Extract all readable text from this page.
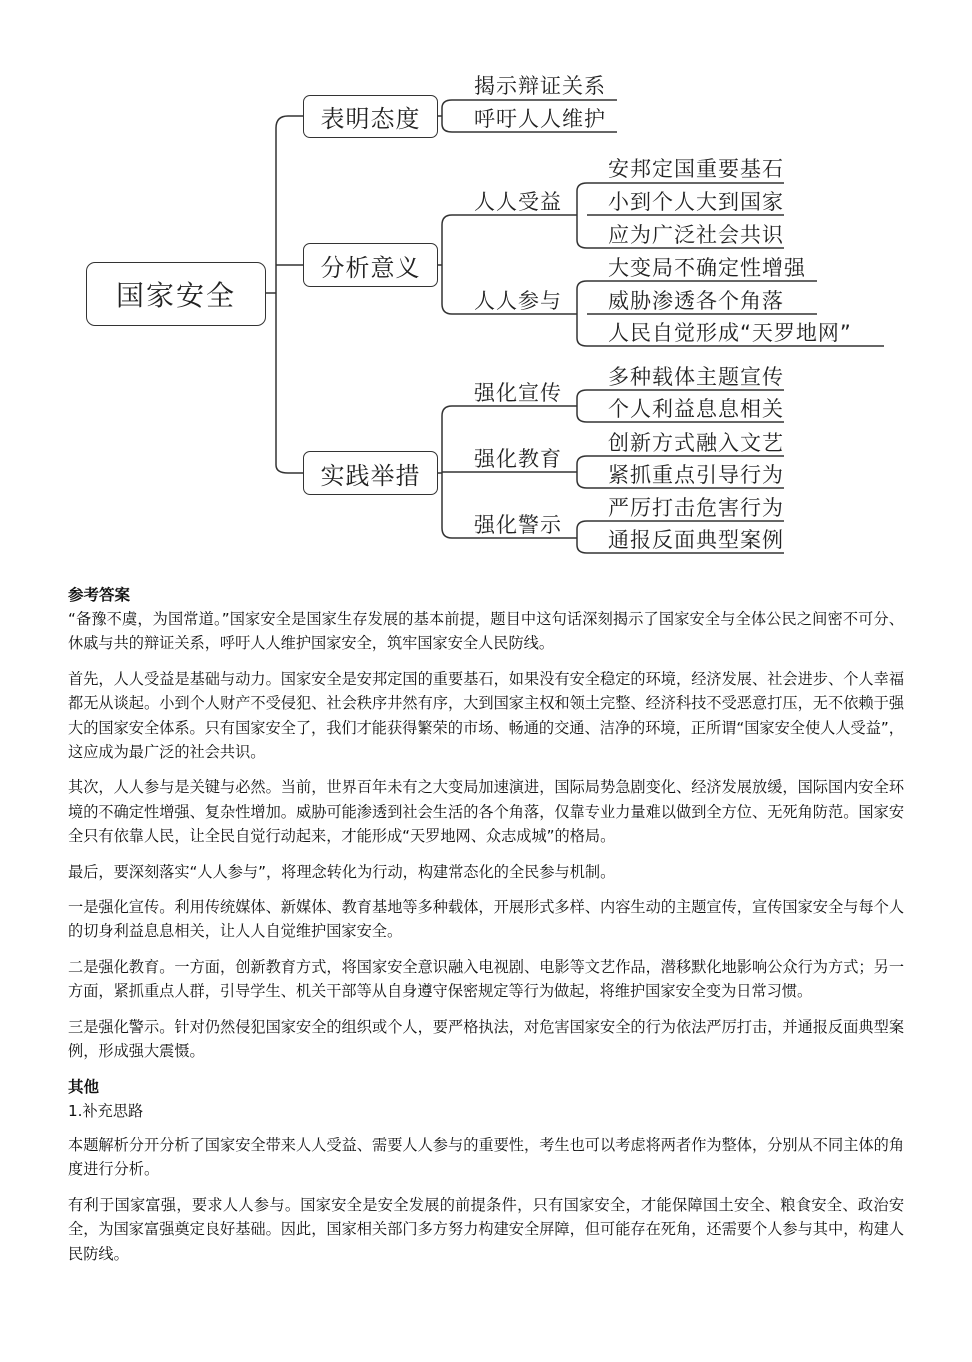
国家安全
表明态度
分析意义
实践举措
揭示辩证关系
呼吁人人维护
人人受益
人人参与
安邦定国重要基石
小到个人大到国家
应为广泛社会共识
大变局不确定性增强
威胁渗透各个角落
人民自觉形成“天罗地网”
强化宣传
强化教育
强化警示
多种载体主题宣传
个人利益息息相关
创新方式融入文艺
紧抓重点引导行为
严厉打击危害行为
通报反面典型案例
参考答案

“备豫不虞，为国常道。”国家安全是国家生存发展的基本前提，题目中这句话深刻揭示了国家安全与全体公民之间密不可分、休戚与共的辩证关系，呼吁人人维护国家安全，筑牢国家安全人民防线。

首先，人人受益是基础与动力。国家安全是安邦定国的重要基石，如果没有安全稳定的环境，经济发展、社会进步、个人幸福都无从谈起。小到个人财产不受侵犯、社会秩序井然有序，大到国家主权和领土完整、经济科技不受恶意打压，无不依赖于强大的国家安全体系。只有国家安全了，我们才能获得繁荣的市场、畅通的交通、洁净的环境，正所谓“国家安全使人人受益”，这应成为最广泛的社会共识。

其次，人人参与是关键与必然。当前，世界百年未有之大变局加速演进，国际局势急剧变化、经济发展放缓，国际国内安全环境的不确定性增强、复杂性增加。威胁可能渗透到社会生活的各个角落，仅靠专业力量难以做到全方位、无死角防范。国家安全只有依靠人民，让全民自觉行动起来，才能形成“天罗地网、众志成城”的格局。

最后，要深刻落实“人人参与”，将理念转化为行动，构建常态化的全民参与机制。

一是强化宣传。利用传统媒体、新媒体、教育基地等多种载体，开展形式多样、内容生动的主题宣传，宣传国家安全与每个人的切身利益息息相关，让人人自觉维护国家安全。

二是强化教育。一方面，创新教育方式，将国家安全意识融入电视剧、电影等文艺作品，潜移默化地影响公众行为方式；另一方面，紧抓重点人群，引导学生、机关干部等从自身遵守保密规定等行为做起，将维护国家安全变为日常习惯。

三是强化警示。针对仍然侵犯国家安全的组织或个人，要严格执法，对危害国家安全的行为依法严厉打击，并通报反面典型案例，形成强大震慑。

其他

1.补充思路

本题解析分开分析了国家安全带来人人受益、需要人人参与的重要性，考生也可以考虑将两者作为整体，分别从不同主体的角度进行分析。

有利于国家富强，要求人人参与。国家安全是安全发展的前提条件，只有国家安全，才能保障国土安全、粮食安全、政治安全，为国家富强奠定良好基础。因此，国家相关部门多方努力构建安全屏障，但可能存在死角，还需要个人参与其中，构建人民防线。
